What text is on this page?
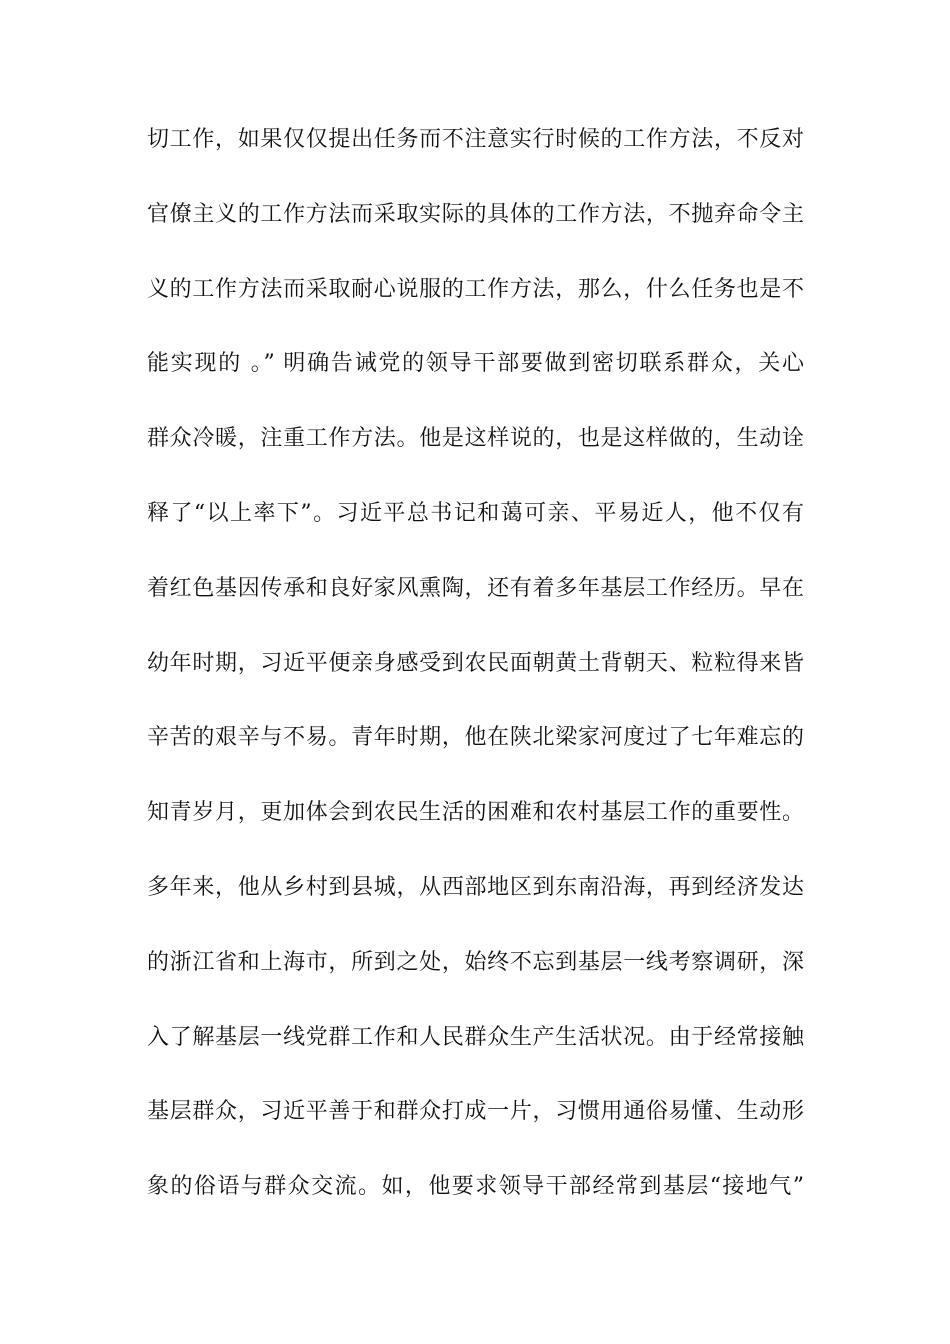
切工作，如果仅仅提出任务而不注意实行时候的工作方法，不反对
官僚主义的工作方法而采取实际的具体的工作方法，不抛弃命令主
义的工作方法而采取耐心说服的工作方法，那么，什么任务也是不
能实现的 。” 明确告诫党的领导干部要做到密切联系群众，关心
群众冷暖，注重工作方法。他是这样说的，也是这样做的，生动诠
释了“以上率下”。习近平总书记和蔼可亲、平易近人，他不仅有
着红色基因传承和良好家风熏陶，还有着多年基层工作经历。早在
幼年时期，习近平便亲身感受到农民面朝黄土背朝天、粒粒得来皆
辛苦的艰辛与不易。青年时期，他在陕北梁家河度过了七年难忘的
知青岁月，更加体会到农民生活的困难和农村基层工作的重要性。
多年来，他从乡村到县城，从西部地区到东南沿海，再到经济发达
的浙江省和上海市，所到之处，始终不忘到基层一线考察调研，深
入了解基层一线党群工作和人民群众生产生活状况。由于经常接触
基层群众，习近平善于和群众打成一片，习惯用通俗易懂、生动形
象的俗语与群众交流。如，他要求领导干部经常到基层“接地气”
